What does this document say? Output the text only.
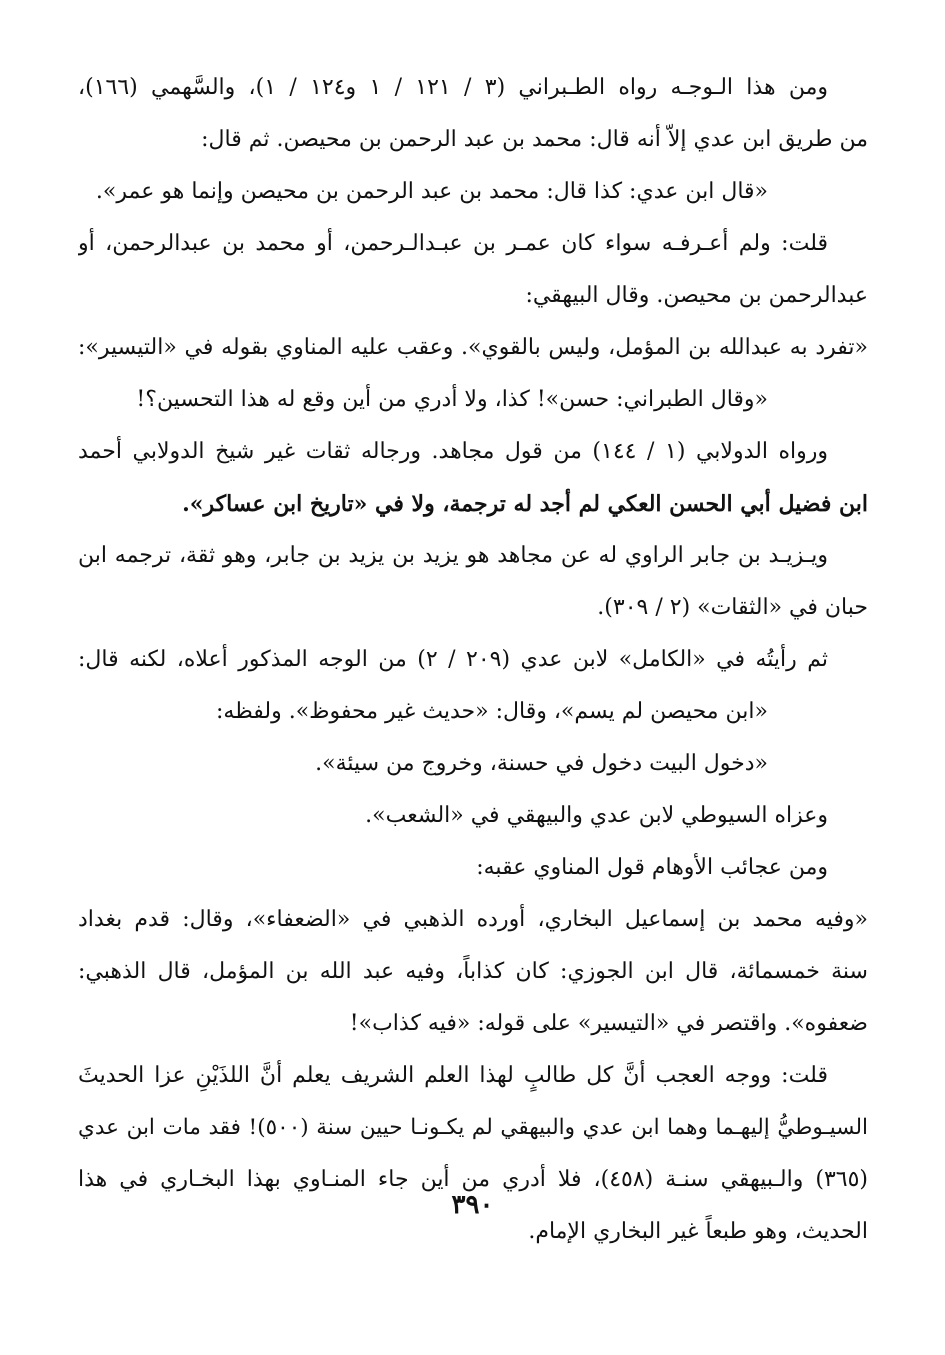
ومن هذا الـوجـه رواه الطـبراني (٣ / ١٢١ / ١ و١٢٤ / ١)، والسَّهمي (١٦٦)،
من طريق ابن عدي إلاّ أنه قال: محمد بن عبد الرحمن بن محيصن. ثم قال:
«قال ابن عدي: كذا قال: محمد بن عبد الرحمن بن محيصن وإنما هو عمر».
قلت: ولم أعـرفـه سواء كان عمـر بن عبـدالـرحمن، أو محمد بن عبدالرحمن، أو
عبدالرحمن بن محيصن. وقال البيهقي:
«تفرد به عبدالله بن المؤمل، وليس بالقوي». وعقب عليه المناوي بقوله في «التيسير»:
«وقال الطبراني: حسن»! كذا، ولا أدري من أين وقع له هذا التحسين؟!
ورواه الدولابي (١ / ١٤٤) من قول مجاهد. ورجاله ثقات غير شيخ الدولابي أحمد
ابن فضيل أبي الحسن العكي لم أجد له ترجمة، ولا في «تاريخ ابن عساكر».
ويـزيـد بن جابر الراوي له عن مجاهد هو يزيد بن يزيد بن جابر، وهو ثقة، ترجمه ابن
حبان في «الثقات» (٢ / ٣٠٩).
ثم رأيتُه في «الكامل» لابن عدي (٢٠٩ / ٢) من الوجه المذكور أعلاه، لكنه قال:
«ابن محيصن لم يسم»، وقال: «حديث غير محفوظ». ولفظه:
«دخول البيت دخول في حسنة، وخروج من سيئة».
وعزاه السيوطي لابن عدي والبيهقي في «الشعب».
ومن عجائب الأوهام قول المناوي عقبه:
«وفيه محمد بن إسماعيل البخاري، أورده الذهبي في «الضعفاء»، وقال: قدم بغداد
سنة خمسمائة، قال ابن الجوزي: كان كذاباً، وفيه عبد الله بن المؤمل، قال الذهبي:
ضعفوه». واقتصر في «التيسير» على قوله: «فيه كذاب»!
قلت: ووجه العجب أنَّ كل طالبٍ لهذا العلم الشريف يعلم أنَّ اللذَيْنِ عزا الحديثَ
السيـوطيُّ إليهـما وهما ابن عدي والبيهقي لم يكـونـا حيين سنة (٥٠٠)! فقد مات ابن عدي
(٣٦٥) والـبيهقي سنـة (٤٥٨)، فلا أدري من أين جاء المنـاوي بهذا البخـاري في هذا
الحديث، وهو طبعاً غير البخاري الإمام.
٣٩٠
